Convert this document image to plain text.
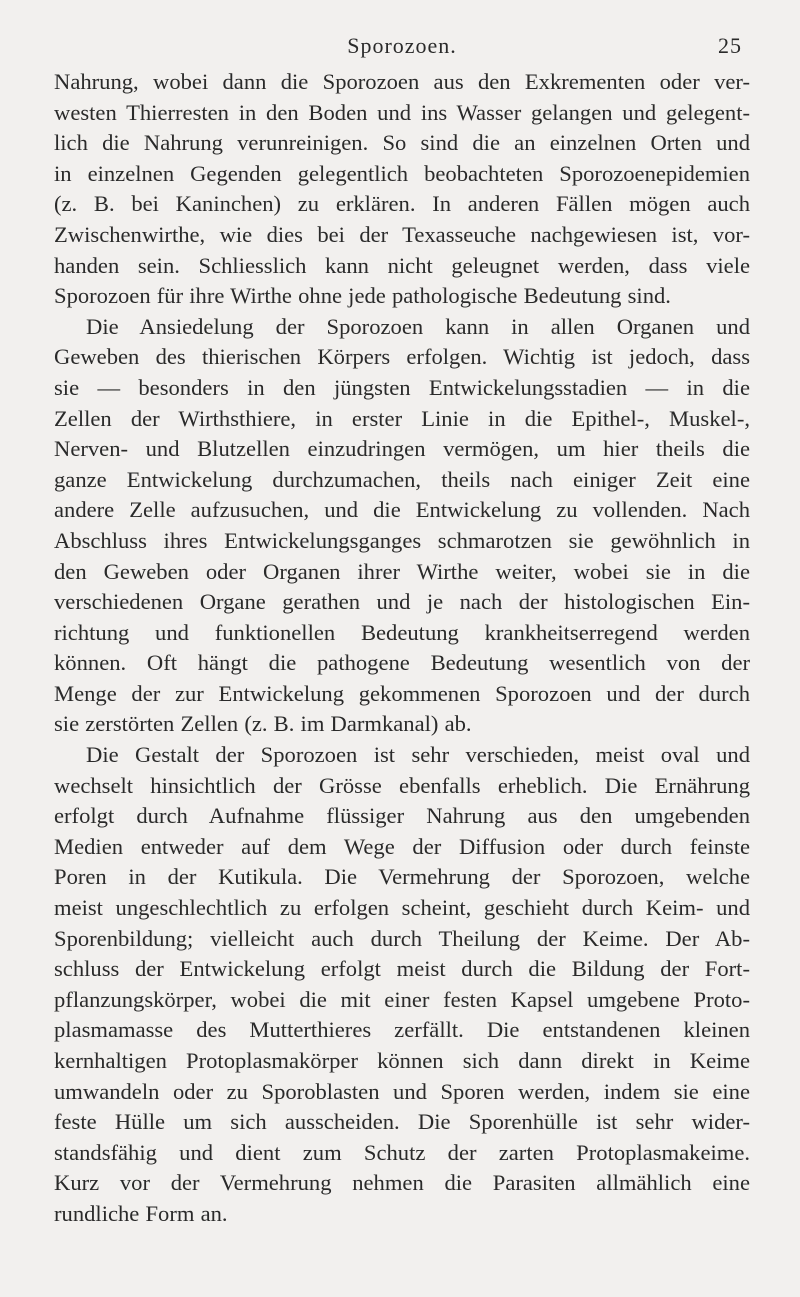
Sporozoen.	25
Nahrung, wobei dann die Sporozoen aus den Exkrementen oder ver-
westen Thierresten in den Boden und ins Wasser gelangen und gelegent-
lich die Nahrung verunreinigen. So sind die an einzelnen Orten und
in einzelnen Gegenden gelegentlich beobachteten Sporozoenepidemien
(z. B. bei Kaninchen) zu erklären. In anderen Fällen mögen auch
Zwischenwirthe, wie dies bei der Texasseuche nachgewiesen ist, vor-
handen sein. Schliesslich kann nicht geleugnet werden, dass viele
Sporozoen für ihre Wirthe ohne jede pathologische Bedeutung sind.
Die Ansiedelung der Sporozoen kann in allen Organen und
Geweben des thierischen Körpers erfolgen. Wichtig ist jedoch, dass
sie — besonders in den jüngsten Entwickelungsstadien — in die
Zellen der Wirthsthiere, in erster Linie in die Epithel-, Muskel-,
Nerven- und Blutzellen einzudringen vermögen, um hier theils die
ganze Entwickelung durchzumachen, theils nach einiger Zeit eine
andere Zelle aufzusuchen, und die Entwickelung zu vollenden. Nach
Abschluss ihres Entwickelungsganges schmarotzen sie gewöhnlich in
den Geweben oder Organen ihrer Wirthe weiter, wobei sie in die
verschiedenen Organe gerathen und je nach der histologischen Ein-
richtung und funktionellen Bedeutung krankheitserregend werden
können. Oft hängt die pathogene Bedeutung wesentlich von der
Menge der zur Entwickelung gekommenen Sporozoen und der durch
sie zerstörten Zellen (z. B. im Darmkanal) ab.
Die Gestalt der Sporozoen ist sehr verschieden, meist oval und
wechselt hinsichtlich der Grösse ebenfalls erheblich. Die Ernährung
erfolgt durch Aufnahme flüssiger Nahrung aus den umgebenden
Medien entweder auf dem Wege der Diffusion oder durch feinste
Poren in der Kutikula. Die Vermehrung der Sporozoen, welche
meist ungeschlechtlich zu erfolgen scheint, geschieht durch Keim- und
Sporenbildung; vielleicht auch durch Theilung der Keime. Der Ab-
schluss der Entwickelung erfolgt meist durch die Bildung der Fort-
pflanzungskörper, wobei die mit einer festen Kapsel umgebene Proto-
plasmamasse des Mutterthieres zerfällt. Die entstandenen kleinen
kernhaltigen Protoplasmakörper können sich dann direkt in Keime
umwandeln oder zu Sporoblasten und Sporen werden, indem sie eine
feste Hülle um sich ausscheiden. Die Sporenhülle ist sehr wider-
standsfähig und dient zum Schutz der zarten Protoplasmakeime.
Kurz vor der Vermehrung nehmen die Parasiten allmählich eine
rundliche Form an.
